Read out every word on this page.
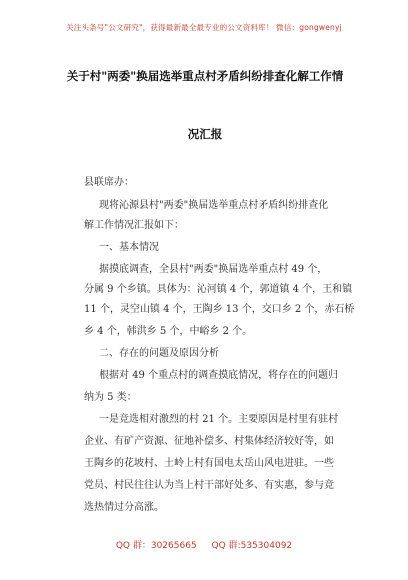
关注头条号"公文研究"，获得最新最全最专业的公文资料库！ 微信：gongwenyj
关于村"两委"换届选举重点村矛盾纠纷排查化解工作情
况汇报
县联席办：
现将沁源县村"两委"换届选举重点村矛盾纠纷排查化
解工作情况汇报如下：
一、基本情况
据摸底调查，全县村"两委"换届选举重点村 49 个，
分属 9 个乡镇。具体为：沁河镇 4 个，郭道镇 4 个，王和镇
11 个，灵空山镇 4 个，王陶乡 13 个，交口乡 2 个，赤石桥
乡 4 个，韩洪乡 5 个，中峪乡 2 个。
二、存在的问题及原因分析
根据对 49 个重点村的调查摸底情况，将存在的问题归
纳为 5 类：
一是竞选相对激烈的村 21 个。主要原因是村里有驻村
企业、有矿产资源、征地补偿多、村集体经济较好等，如
王陶乡的花坡村、土岭上村有国电太岳山风电进驻。一些
党员、村民往往认为当上村干部好处多、有实惠，参与竞
选热情过分高涨。
QQ 群：30265665 QQ 群:535304092
